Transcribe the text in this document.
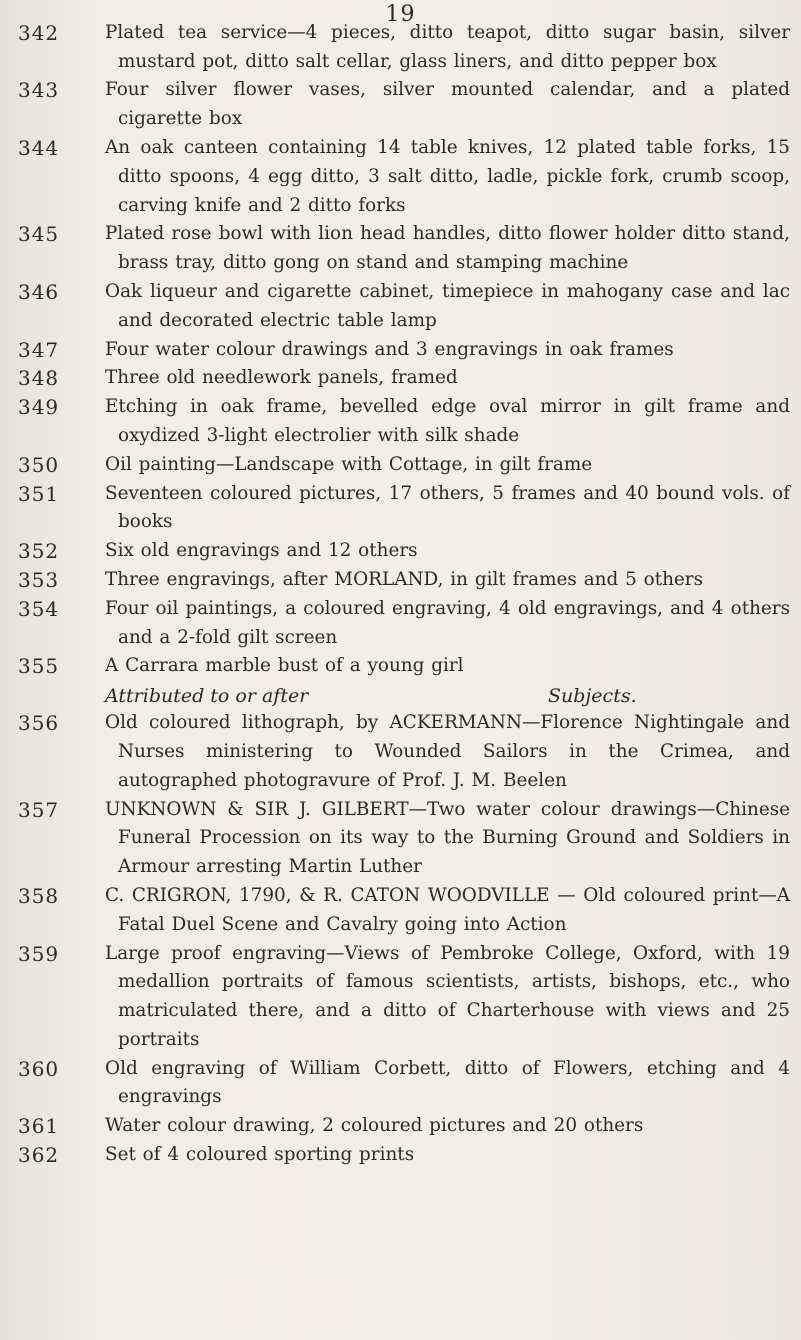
19
342	Plated tea service—4 pieces, ditto teapot, ditto sugar basin, silver mustard pot, ditto salt cellar, glass liners, and ditto pepper box
343	Four silver flower vases, silver mounted calendar, and a plated cigarette box
344	An oak canteen containing 14 table knives, 12 plated table forks, 15 ditto spoons, 4 egg ditto, 3 salt ditto, ladle, pickle fork, crumb scoop, carving knife and 2 ditto forks
345	Plated rose bowl with lion head handles, ditto flower holder ditto stand, brass tray, ditto gong on stand and stamping machine
346	Oak liqueur and cigarette cabinet, timepiece in mahogany case and lac and decorated electric table lamp
347	Four water colour drawings and 3 engravings in oak frames
348	Three old needlework panels, framed
349	Etching in oak frame, bevelled edge oval mirror in gilt frame and oxydized 3-light electrolier with silk shade
350	Oil painting—Landscape with Cottage, in gilt frame
351	Seventeen coloured pictures, 17 others, 5 frames and 40 bound vols. of books
352	Six old engravings and 12 others
353	Three engravings, after MORLAND, in gilt frames and 5 others
354	Four oil paintings, a coloured engraving, 4 old engravings, and 4 others and a 2-fold gilt screen
355	A Carrara marble bust of a young girl
Attributed to or after	Subjects.
356	Old coloured lithograph, by ACKERMANN—Florence Nightingale and Nurses ministering to Wounded Sailors in the Crimea, and autographed photogravure of Prof. J. M. Beelen
357	UNKNOWN & SIR J. GILBERT—Two water colour drawings—Chinese Funeral Procession on its way to the Burning Ground and Soldiers in Armour arresting Martin Luther
358	C. CRIGRON, 1790, & R. CATON WOODVILLE — Old coloured print—A Fatal Duel Scene and Cavalry going into Action
359	Large proof engraving—Views of Pembroke College, Oxford, with 19 medallion portraits of famous scientists, artists, bishops, etc., who matriculated there, and a ditto of Charterhouse with views and 25 portraits
360	Old engraving of William Corbett, ditto of Flowers, etching and 4 engravings
361	Water colour drawing, 2 coloured pictures and 20 others
362	Set of 4 coloured sporting prints
